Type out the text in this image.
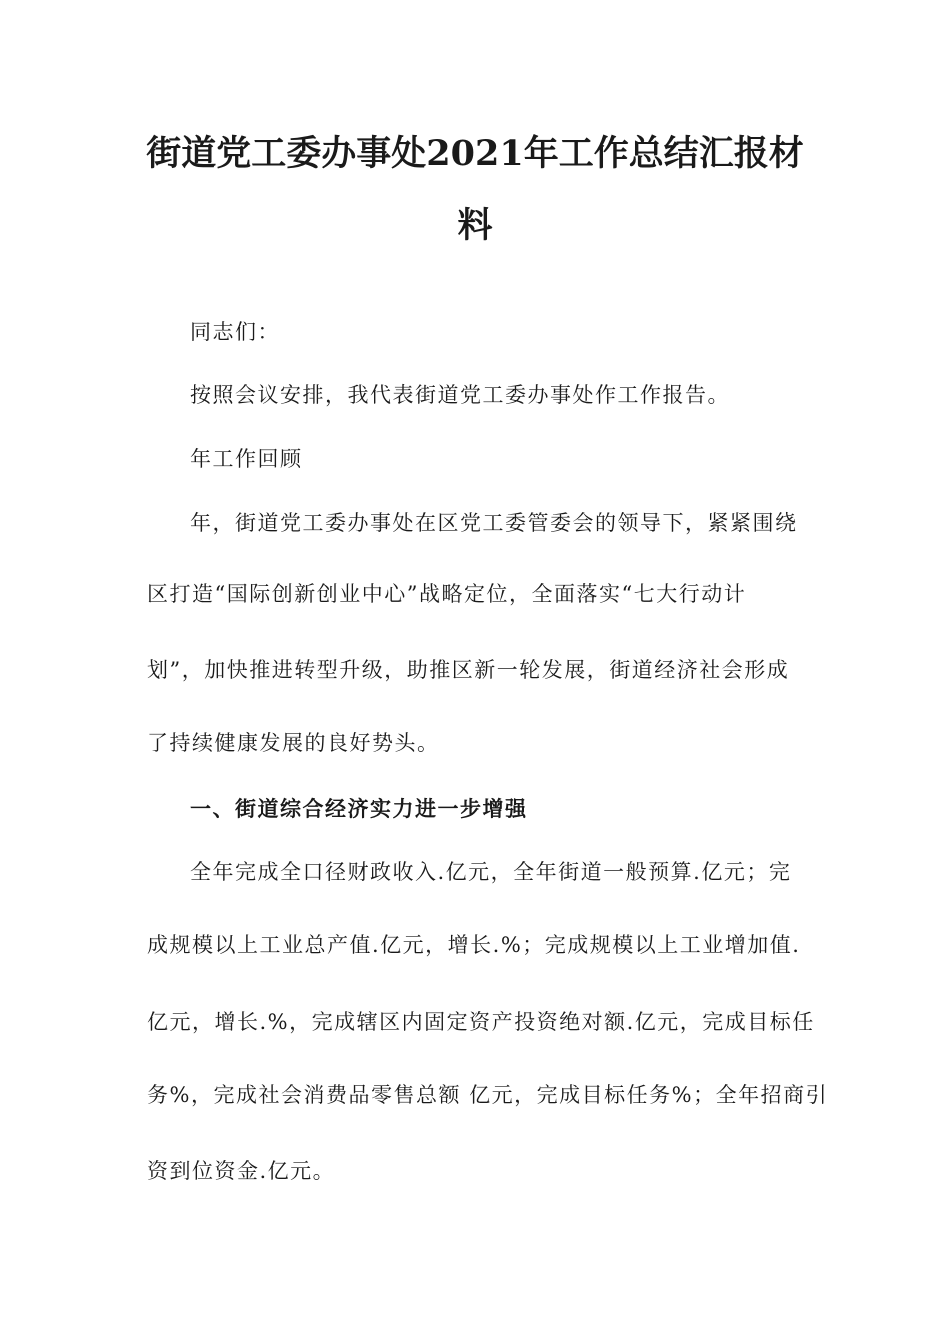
街道党工委办事处2021年工作总结汇报材
料
同志们：
按照会议安排，我代表街道党工委办事处作工作报告。
年工作回顾
年，街道党工委办事处在区党工委管委会的领导下，紧紧围绕
区打造“国际创新创业中心”战略定位，全面落实“七大行动计
划”，加快推进转型升级，助推区新一轮发展，街道经济社会形成
了持续健康发展的良好势头。
一、街道综合经济实力进一步增强
全年完成全口径财政收入.亿元，全年街道一般预算.亿元；完
成规模以上工业总产值.亿元，增长.%；完成规模以上工业增加值.
亿元，增长.%，完成辖区内固定资产投资绝对额.亿元，完成目标任
务%，完成社会消费品零售总额 亿元，完成目标任务%；全年招商引
资到位资金.亿元。
